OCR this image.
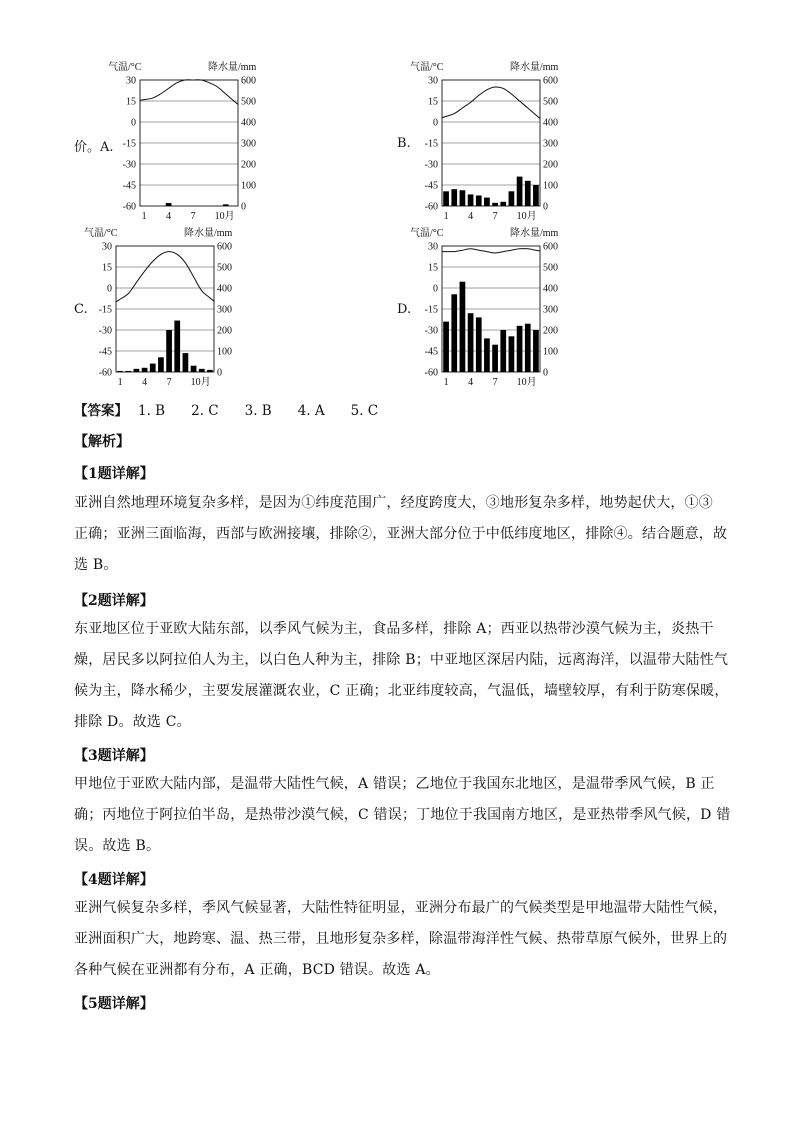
价。A.	B.
C.	D.
气温/°C	降水量/mm
30	600
15	500
0	400
-15	300
-30	200
-45	100
-60	0
1 4 7 10月
气温/°C	降水量/mm
30	600
15	500
0	400
-15	300
-30	200
-45	100
-60	0
1 4 7 10月
气温/°C	降水量/mm
30	600
15	500
0	400
-15	300
-30	200
-45	100
-60	0
1 4 7 10月
气温/°C	降水量/mm
30	600
15	500
0	400
-15	300
-30	200
-45	100
-60	0
1 4 7 10月
【答案】 1. B 2. C 3. B 4. A 5. C
【解析】
【1题详解】
亚洲自然地理环境复杂多样，是因为①纬度范围广，经度跨度大，③地形复杂多样，地势起伏大，①③
正确；亚洲三面临海，西部与欧洲接壤，排除②，亚洲大部分位于中低纬度地区，排除④。结合题意，故
选 B。
【2题详解】
东亚地区位于亚欧大陆东部，以季风气候为主，食品多样，排除 A；西亚以热带沙漠气候为主，炎热干
燥，居民多以阿拉伯人为主，以白色人种为主，排除 B；中亚地区深居内陆，远离海洋，以温带大陆性气
候为主，降水稀少，主要发展灌溉农业，C 正确；北亚纬度较高，气温低，墙壁较厚，有利于防寒保暖，
排除 D。故选 C。
【3题详解】
甲地位于亚欧大陆内部，是温带大陆性气候，A 错误；乙地位于我国东北地区，是温带季风气候，B 正
确；丙地位于阿拉伯半岛，是热带沙漠气候，C 错误；丁地位于我国南方地区，是亚热带季风气候，D 错
误。故选 B。
【4题详解】
亚洲气候复杂多样，季风气候显著，大陆性特征明显，亚洲分布最广的气候类型是甲地温带大陆性气候，
亚洲面积广大，地跨寒、温、热三带，且地形复杂多样，除温带海洋性气候、热带草原气候外，世界上的
各种气候在亚洲都有分布，A 正确，BCD 错误。故选 A。
【5题详解】
